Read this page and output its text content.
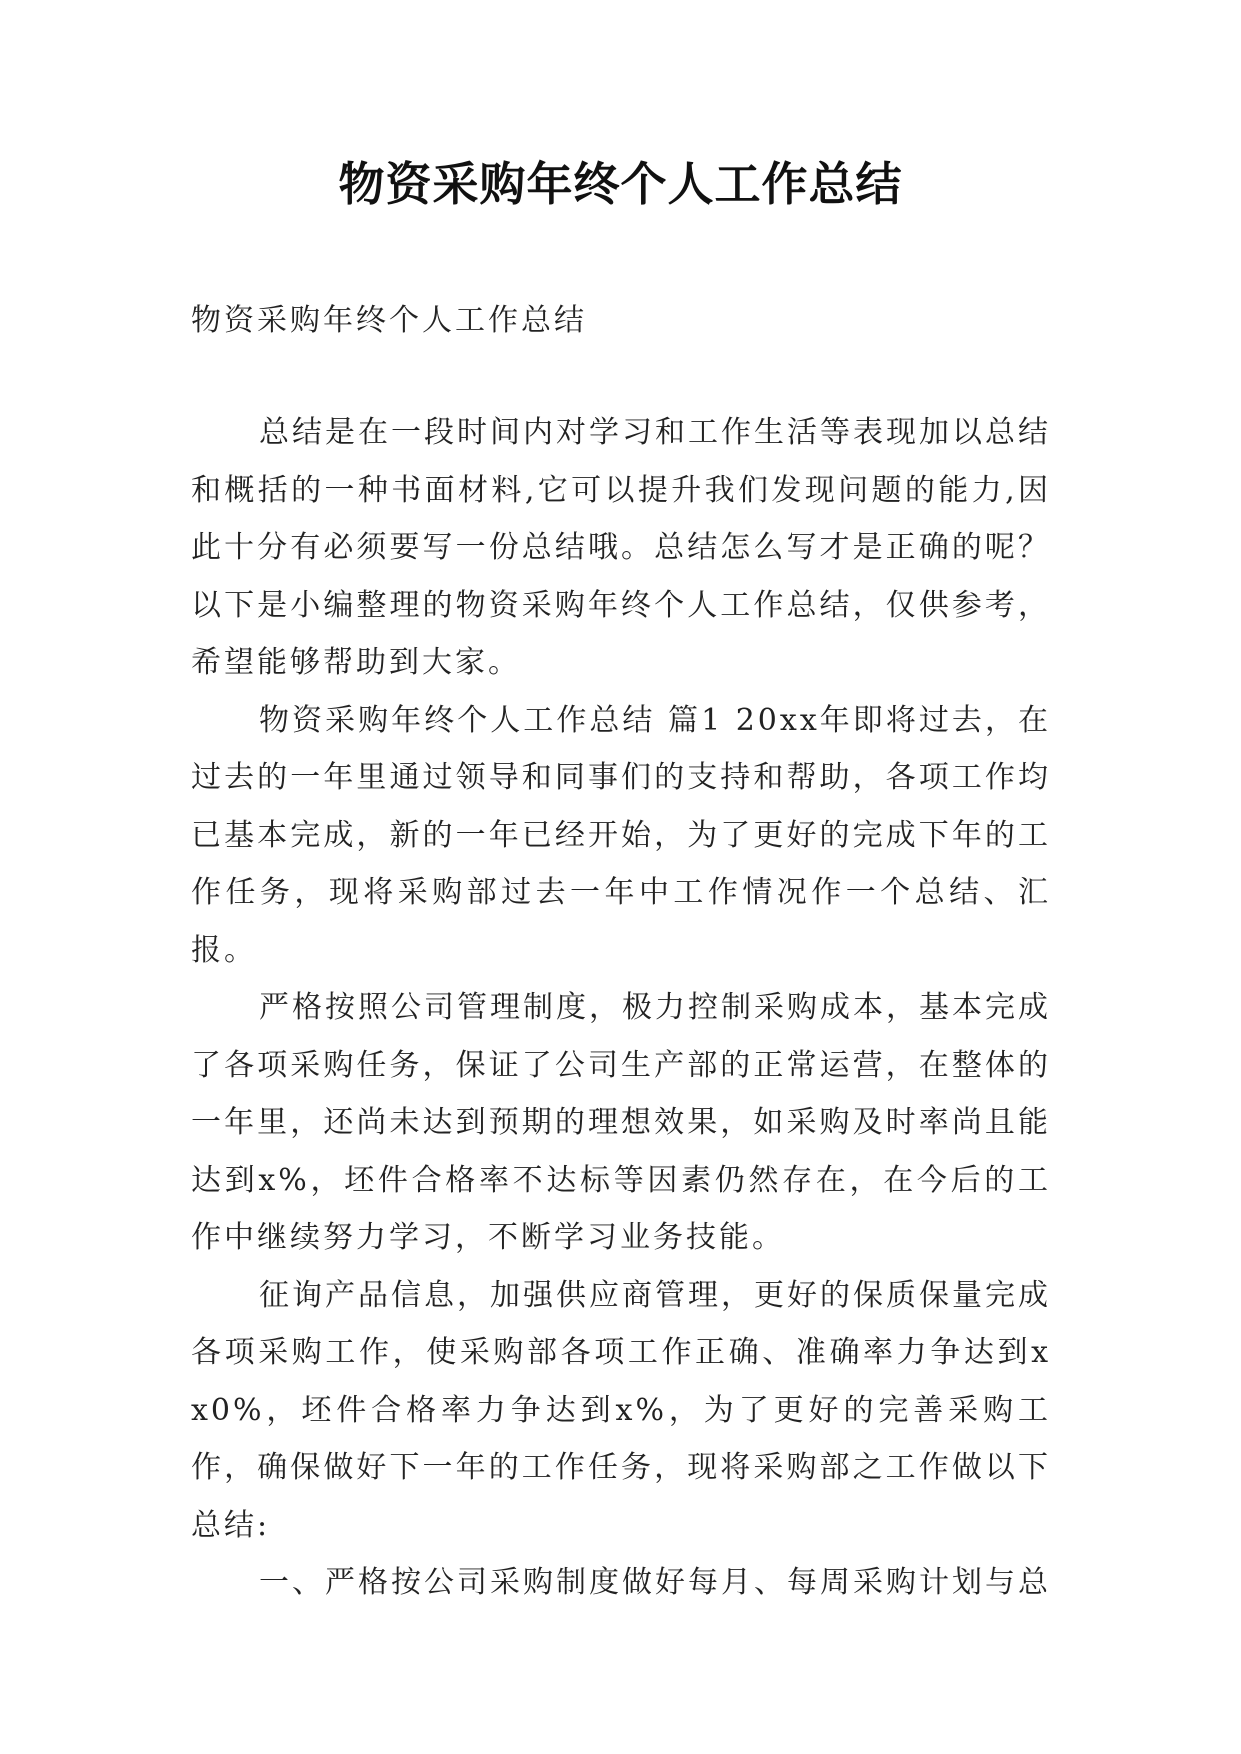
物资采购年终个人工作总结
物资采购年终个人工作总结

总结是在一段时间内对学习和工作生活等表现加以总结和概括的一种书面材料,它可以提升我们发现问题的能力,因此十分有必须要写一份总结哦。总结怎么写才是正确的呢？以下是小编整理的物资采购年终个人工作总结，仅供参考，希望能够帮助到大家。

物资采购年终个人工作总结 篇1 20xx年即将过去，在过去的一年里通过领导和同事们的支持和帮助，各项工作均已基本完成，新的一年已经开始，为了更好的完成下年的工作任务，现将采购部过去一年中工作情况作一个总结、汇报。

严格按照公司管理制度，极力控制采购成本，基本完成了各项采购任务，保证了公司生产部的正常运营，在整体的一年里，还尚未达到预期的理想效果，如采购及时率尚且能达到x%，坯件合格率不达标等因素仍然存在，在今后的工作中继续努力学习，不断学习业务技能。

征询产品信息，加强供应商管理，更好的保质保量完成各项采购工作，使采购部各项工作正确、准确率力争达到xx0%，坯件合格率力争达到x%，为了更好的完善采购工作，确保做好下一年的工作任务，现将采购部之工作做以下总结:

一、严格按公司采购制度做好每月、每周采购计划与总
